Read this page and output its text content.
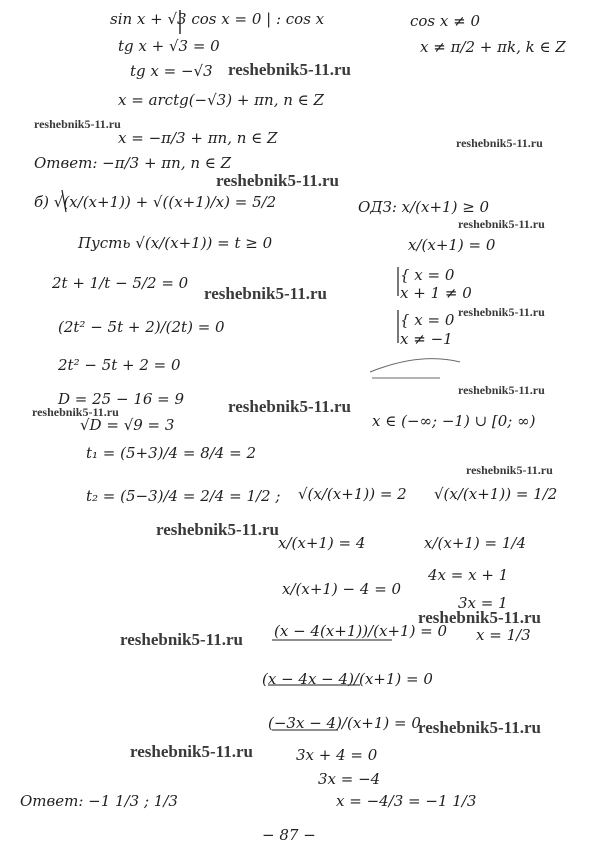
sin x + √3 cos x = 0 | : cos x	cos x ≠ 0
tg x + √3 = 0	x ≠ π/2 + πk, k ∈ Z
tg x = −√3
x = arctg(−√3) + πn, n ∈ Z
x = −π/3 + πn, n ∈ Z
Ответ: −π/3 + πn, n ∈ Z
б) √(x/(x+1)) + √((x+1)/x) = 5/2	ОДЗ: x/(x+1) ≥ 0
x/(x+1) = 0
Пусть √(x/(x+1)) = t ≥ 0
{ x = 0
x + 1 ≠ 0
2t + 1/t − 5/2 = 0
{ x = 0
x ≠ −1
(2t² − 5t + 2)/(2t) = 0
2t² − 5t + 2 = 0
D = 25 − 16 = 9
x ∈ (−∞; −1) ∪ [0; ∞)
√D = √9 = 3
t₁ = (5+3)/4 = 8/4 = 2
t₂ = (5−3)/4 = 2/4 = 1/2 ; √(x/(x+1)) = 2 √(x/(x+1)) = 1/2
x/(x+1) = 4	x/(x+1) = 1/4
x/(x+1) − 4 = 0
4x = x + 1
3x = 1
(x − 4(x+1))/(x+1) = 0 x = 1/3
(x − 4x − 4)/(x+1) = 0
(−3x − 4)/(x+1) = 0
3x + 4 = 0
3x = −4
Ответ: −1 1/3 ; 1/3	x = −4/3 = −1 1/3
− 87 −
reshebnik5-11.ru
reshebnik5-11.ru
reshebnik5-11.ru
reshebnik5-11.ru
reshebnik5-11.ru
reshebnik5-11.ru
reshebnik5-11.ru
reshebnik5-11.ru
reshebnik5-11.ru
reshebnik5-11.ru
reshebnik5-11.ru
reshebnik5-11.ru
reshebnik5-11.ru
reshebnik5-11.ru
reshebnik5-11.ru
reshebnik5-11.ru
